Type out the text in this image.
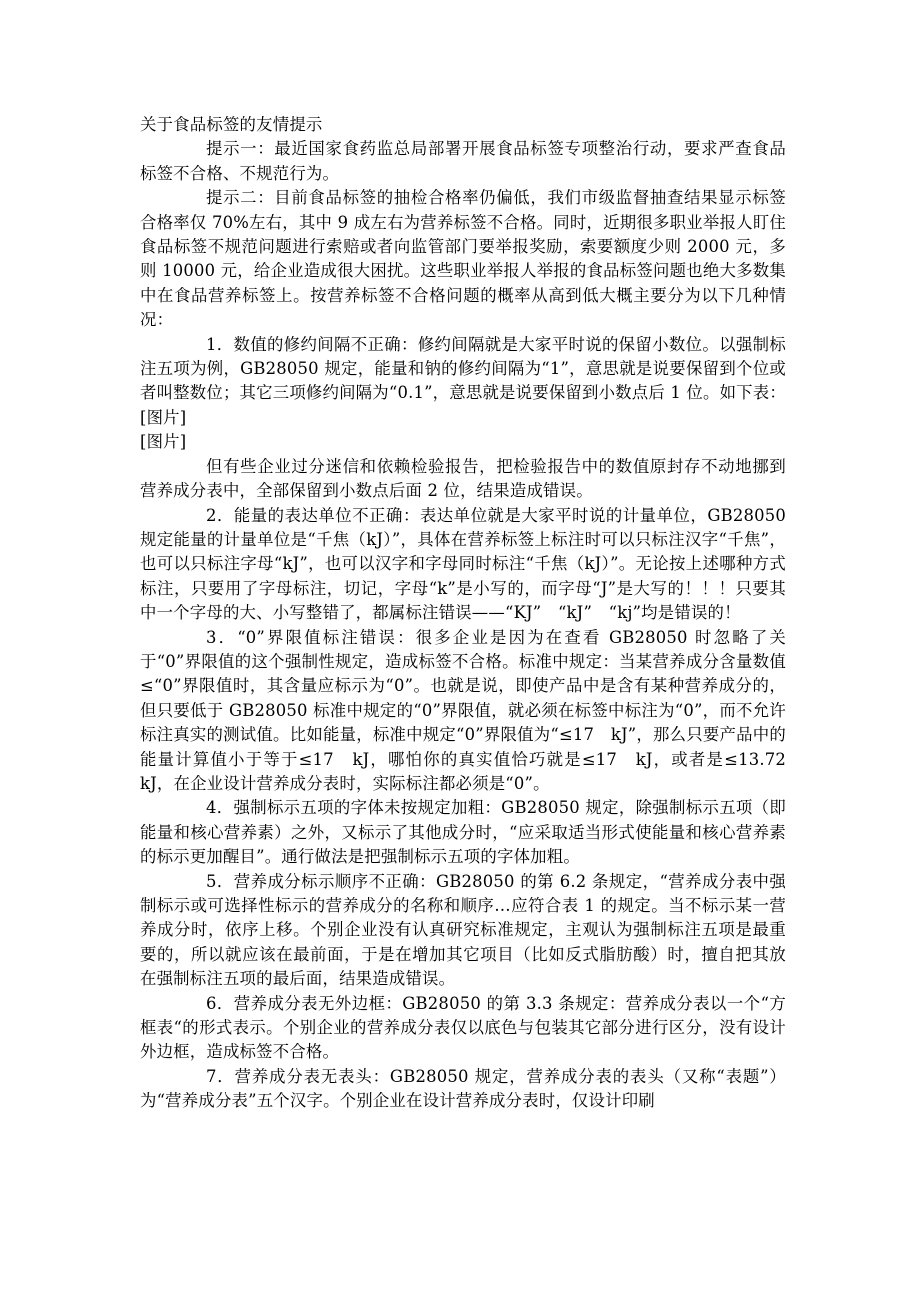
关于食品标签的友情提示

提示一：最近国家食药监总局部署开展食品标签专项整治行动，要求严查食品标签不合格、不规范行为。

提示二：目前食品标签的抽检合格率仍偏低，我们市级监督抽查结果显示标签合格率仅 70%左右，其中 9 成左右为营养标签不合格。同时，近期很多职业举报人盯住食品标签不规范问题进行索赔或者向监管部门要举报奖励，索要额度少则 2000 元，多则 10000 元，给企业造成很大困扰。这些职业举报人举报的食品标签问题也绝大多数集中在食品营养标签上。按营养标签不合格问题的概率从高到低大概主要分为以下几种情况：

1．数值的修约间隔不正确：修约间隔就是大家平时说的保留小数位。以强制标注五项为例，GB28050 规定，能量和钠的修约间隔为“1”，意思就是说要保留到个位或者叫整数位；其它三项修约间隔为“0.1”，意思就是说要保留到小数点后 1 位。如下表：

[图片]

[图片]

但有些企业过分迷信和依赖检验报告，把检验报告中的数值原封存不动地挪到营养成分表中，全部保留到小数点后面 2 位，结果造成错误。

2．能量的表达单位不正确：表达单位就是大家平时说的计量单位，GB28050 规定能量的计量单位是“千焦（kJ）”，具体在营养标签上标注时可以只标注汉字“千焦”，也可以只标注字母“kJ”，也可以汉字和字母同时标注“千焦（kJ）”。无论按上述哪种方式标注，只要用了字母标注，切记，字母“k”是小写的，而字母“J”是大写的！！！只要其中一个字母的大、小写整错了，都属标注错误——“KJ”　“kJ”　“kj”均是错误的！

3．“0”界限值标注错误：很多企业是因为在查看 GB28050 时忽略了关于“0”界限值的这个强制性规定，造成标签不合格。标准中规定：当某营养成分含量数值≤“0”界限值时，其含量应标示为“0”。也就是说，即使产品中是含有某种营养成分的，但只要低于 GB28050 标准中规定的“0”界限值，就必须在标签中标注为“0”，而不允许标注真实的测试值。比如能量，标准中规定“0”界限值为“≤17　kJ”，那么只要产品中的能量计算值小于等于≤17　kJ，哪怕你的真实值恰巧就是≤17　kJ，或者是≤13.72　kJ，在企业设计营养成分表时，实际标注都必须是“0”。

4．强制标示五项的字体未按规定加粗：GB28050 规定，除强制标示五项（即能量和核心营养素）之外，又标示了其他成分时，“应采取适当形式使能量和核心营养素的标示更加醒目”。通行做法是把强制标示五项的字体加粗。

5．营养成分标示顺序不正确：GB28050 的第 6.2 条规定，“营养成分表中强制标示或可选择性标示的营养成分的名称和顺序…应符合表 1 的规定。当不标示某一营养成分时，依序上移。个别企业没有认真研究标准规定，主观认为强制标注五项是最重要的，所以就应该在最前面，于是在增加其它项目（比如反式脂肪酸）时，擅自把其放在强制标注五项的最后面，结果造成错误。

6．营养成分表无外边框：GB28050 的第 3.3 条规定：营养成分表以一个“方框表“的形式表示。个别企业的营养成分表仅以底色与包装其它部分进行区分，没有设计外边框，造成标签不合格。

7．营养成分表无表头：GB28050 规定，营养成分表的表头（又称“表题”）为“营养成分表”五个汉字。个别企业在设计营养成分表时，仅设计印刷
